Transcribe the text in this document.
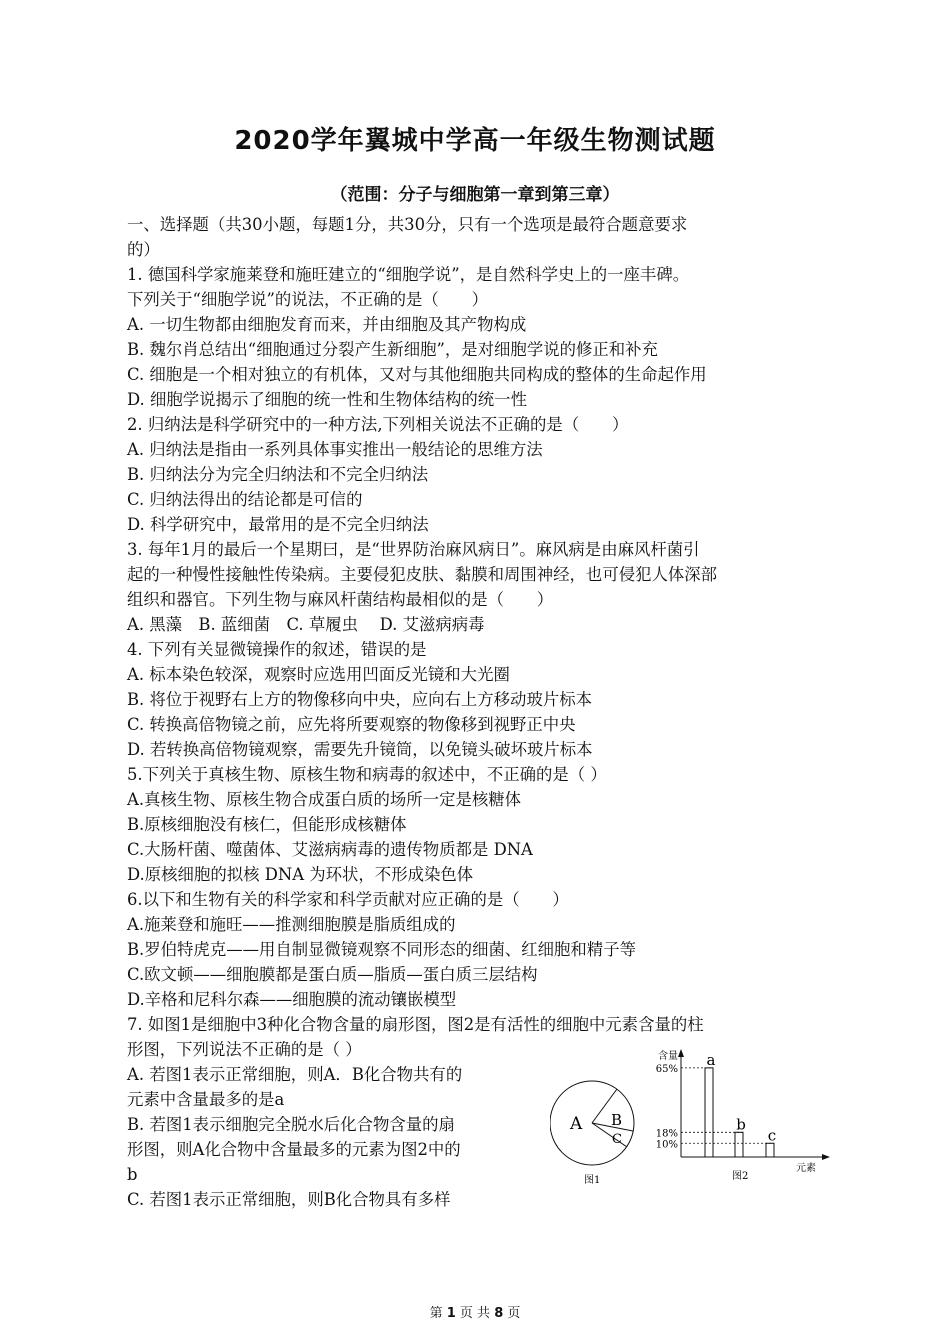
2020学年翼城中学高一年级生物测试题
（范围：分子与细胞第一章到第三章）
一、选择题（共30小题，每题1分，共30分，只有一个选项是最符合题意要求
的）
1. 德国科学家施莱登和施旺建立的“细胞学说”，是自然科学史上的一座丰碑。
下列关于“细胞学说”的说法，不正确的是（　　）
A. 一切生物都由细胞发育而来，并由细胞及其产物构成
B. 魏尔肖总结出“细胞通过分裂产生新细胞”，是对细胞学说的修正和补充
C. 细胞是一个相对独立的有机体，又对与其他细胞共同构成的整体的生命起作用
D. 细胞学说揭示了细胞的统一性和生物体结构的统一性
2. 归纳法是科学研究中的一种方法,下列相关说法不正确的是（　　）
A. 归纳法是指由一系列具体事实推出一般结论的思维方法
B. 归纳法分为完全归纳法和不完全归纳法
C. 归纳法得出的结论都是可信的
D. 科学研究中，最常用的是不完全归纳法
3. 每年1月的最后一个星期曰，是“世界防治麻风病日”。麻风病是由麻风杆菌引
起的一种慢性接触性传染病。主要侵犯皮肤、黏膜和周围神经，也可侵犯人体深部
组织和器官。下列生物与麻风杆菌结构最相似的是（　　）
A. 黑藻　B. 蓝细菌　C. 草履虫　 D. 艾滋病病毒
4. 下列有关显微镜操作的叙述，错误的是
A. 标本染色较深，观察时应选用凹面反光镜和大光圈
B. 将位于视野右上方的物像移向中央，应向右上方移动玻片标本
C. 转换高倍物镜之前，应先将所要观察的物像移到视野正中央
D. 若转换高倍物镜观察，需要先升镜筒，以免镜头破坏玻片标本
5.下列关于真核生物、原核生物和病毒的叙述中，不正确的是（ ）
A.真核生物、原核生物合成蛋白质的场所一定是核糖体
B.原核细胞没有核仁，但能形成核糖体
C.大肠杆菌、噬菌体、艾滋病病毒的遗传物质都是 DNA
D.原核细胞的拟核 DNA 为环状，不形成染色体
6.以下和生物有关的科学家和科学贡献对应正确的是（　　）
A.施莱登和施旺——推测细胞膜是脂质组成的
B.罗伯特虎克——用自制显微镜观察不同形态的细菌、红细胞和精子等
C.欧文顿——细胞膜都是蛋白质—脂质—蛋白质三层结构
D.辛格和尼科尔森——细胞膜的流动镶嵌模型
7. 如图1是细胞中3种化合物含量的扇形图，图2是有活性的细胞中元素含量的柱
形图，下列说法不正确的是（ ）
A. 若图1表示正常细胞，则A．B化合物共有的
元素中含量最多的是a
B. 若图1表示细胞完全脱水后化合物含量的扇
形图，则A化合物中含量最多的元素为图2中的
b
C. 若图1表示正常细胞，则B化合物具有多样
A B
C
图1
含量
元素
图2
65%
a
18%
b
10%
c
第 1 页 共 8 页
